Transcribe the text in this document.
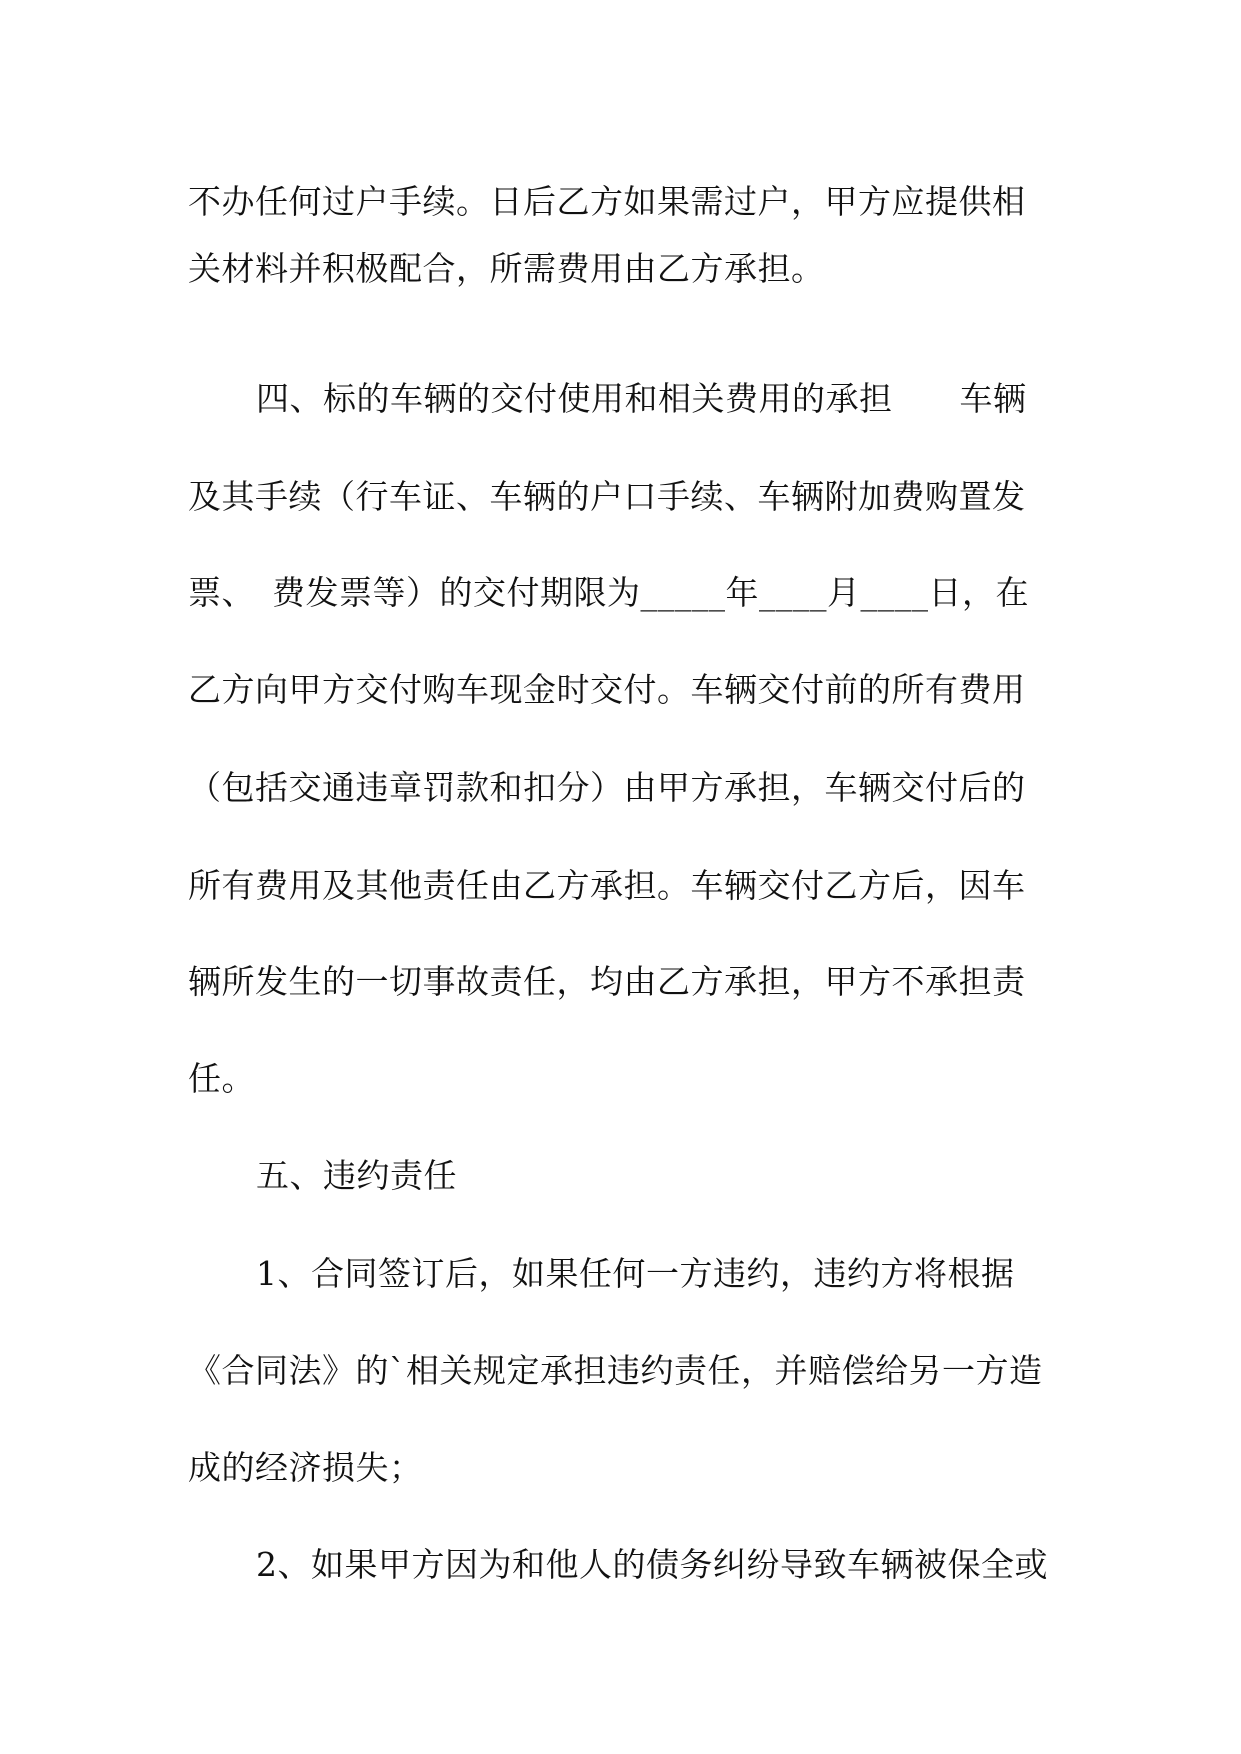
不办任何过户手续。日后乙方如果需过户，甲方应提供相
关材料并积极配合，所需费用由乙方承担。
四、标的车辆的交付使用和相关费用的承担　　车辆
及其手续（行车证、车辆的户口手续、车辆附加费购置发
票、　费发票等）的交付期限为_____年____月____日，在
乙方向甲方交付购车现金时交付。车辆交付前的所有费用
（包括交通违章罚款和扣分）由甲方承担，车辆交付后的
所有费用及其他责任由乙方承担。车辆交付乙方后，因车
辆所发生的一切事故责任，均由乙方承担，甲方不承担责
任。
五、违约责任
1、合同签订后，如果任何一方违约，违约方将根据
《合同法》的`相关规定承担违约责任，并赔偿给另一方造
成的经济损失；
2、如果甲方因为和他人的债务纠纷导致车辆被保全或
